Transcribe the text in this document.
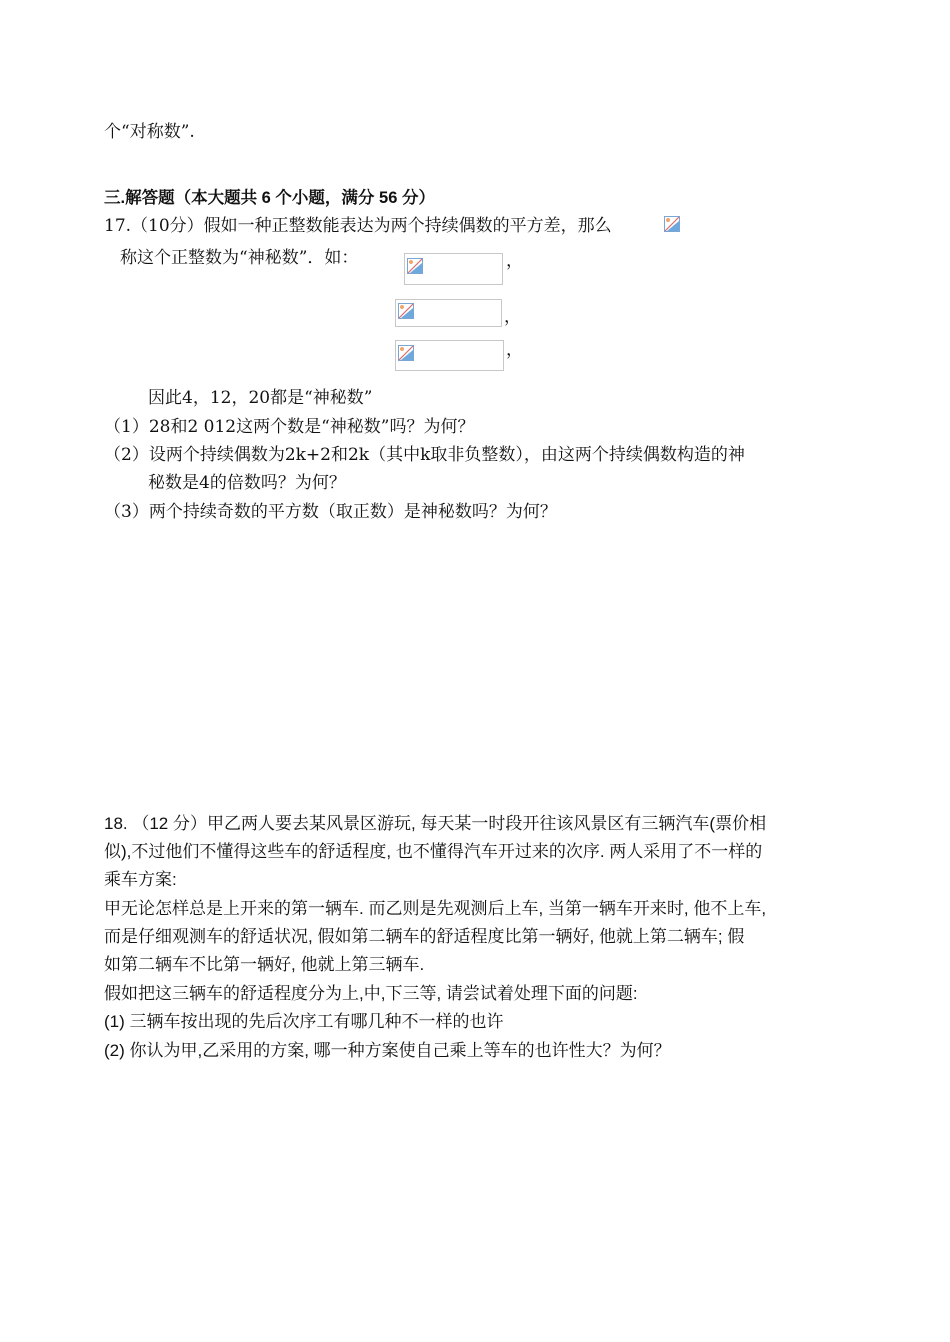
个“对称数”.
三.解答题（本大题共 6 个小题，满分 56 分）
17.（10分）假如一种正整数能表达为两个持续偶数的平方差，那么
称这个正整数为“神秘数”．如：	，
，
，
因此4，12，20都是“神秘数”
（1）28和2 012这两个数是“神秘数”吗？为何？
（2）设两个持续偶数为2k+2和2k（其中k取非负整数），由这两个持续偶数构造的神
秘数是4的倍数吗？为何？
（3）两个持续奇数的平方数（取正数）是神秘数吗？为何？
18. （12 分）甲乙两人要去某风景区游玩, 每天某一时段开往该风景区有三辆汽车(票价相
似),不过他们不懂得这些车的舒适程度, 也不懂得汽车开过来的次序. 两人采用了不一样的
乘车方案:
甲无论怎样总是上开来的第一辆车. 而乙则是先观测后上车, 当第一辆车开来时, 他不上车,
而是仔细观测车的舒适状况, 假如第二辆车的舒适程度比第一辆好, 他就上第二辆车; 假
如第二辆车不比第一辆好, 他就上第三辆车.
假如把这三辆车的舒适程度分为上,中,下三等, 请尝试着处理下面的问题:
(1) 三辆车按出现的先后次序工有哪几种不一样的也许
(2) 你认为甲,乙采用的方案, 哪一种方案使自己乘上等车的也许性大？为何？
